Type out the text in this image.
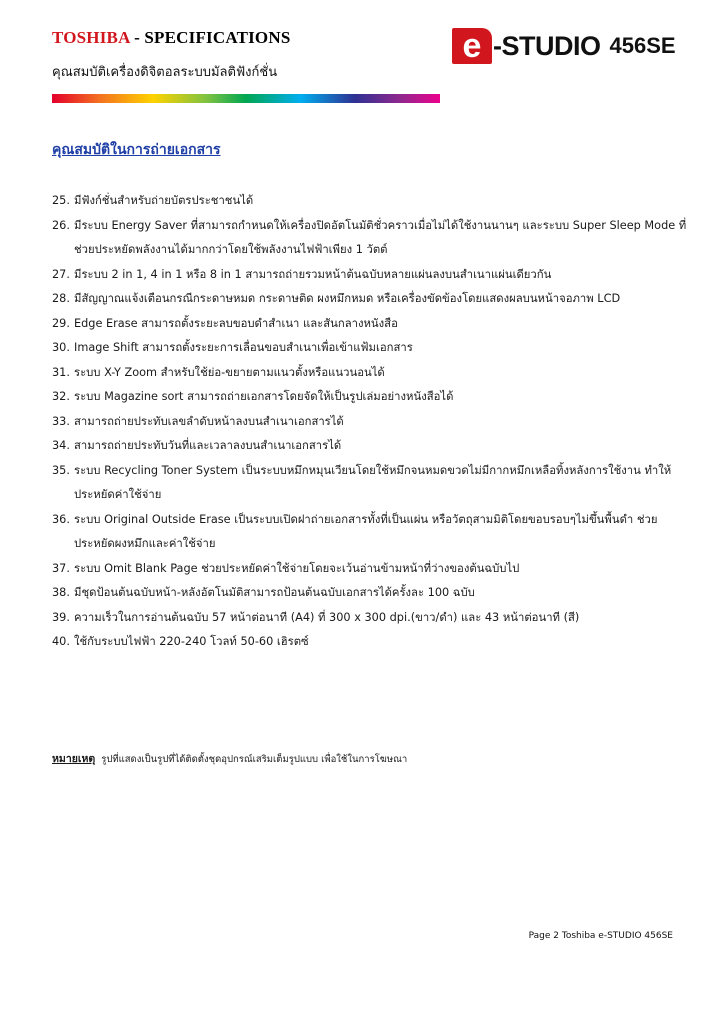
TOSHIBA - SPECIFICATIONS
คุณสมบัติเครื่องดิจิตอลระบบมัลติฟังก์ชั่น
e -STUDIO 456SE
คุณสมบัติในการถ่ายเอกสาร
25. มีฟังก์ชั่นสำหรับถ่ายบัตรประชาชนได้
26. มีระบบ Energy Saver ที่สามารถกำหนดให้เครื่องปิดอัตโนมัติชั่วคราวเมื่อไม่ได้ใช้งานนานๆ และระบบ Super Sleep Mode ที่ช่วยประหยัดพลังงานได้มากกว่าโดยใช้พลังงานไฟฟ้าเพียง 1 วัตต์
27. มีระบบ 2 in 1, 4 in 1 หรือ 8 in 1 สามารถถ่ายรวมหน้าต้นฉบับหลายแผ่นลงบนสำเนาแผ่นเดียวกัน
28. มีสัญญาณแจ้งเตือนกรณีกระดาษหมด กระดาษติด ผงหมึกหมด หรือเครื่องขัดข้องโดยแสดงผลบนหน้าจอภาพ LCD
29. Edge Erase สามารถตั้งระยะลบขอบดำสำเนา และสันกลางหนังสือ
30. Image Shift สามารถตั้งระยะการเลื่อนขอบสำเนาเพื่อเข้าแฟ้มเอกสาร
31. ระบบ X-Y Zoom สำหรับใช้ย่อ-ขยายตามแนวตั้งหรือแนวนอนได้
32. ระบบ Magazine sort สามารถถ่ายเอกสารโดยจัดให้เป็นรูปเล่มอย่างหนังสือได้
33. สามารถถ่ายประทับเลขลำดับหน้าลงบนสำเนาเอกสารได้
34. สามารถถ่ายประทับวันที่และเวลาลงบนสำเนาเอกสารได้
35. ระบบ Recycling Toner System เป็นระบบหมึกหมุนเวียนโดยใช้หมึกจนหมดขวดไม่มีกากหมึกเหลือทิ้งหลังการใช้งาน ทำให้ประหยัดค่าใช้จ่าย
36. ระบบ Original Outside Erase เป็นระบบเปิดฝาถ่ายเอกสารทั้งที่เป็นแผ่น หรือวัตถุสามมิติโดยขอบรอบๆไม่ขึ้นพื้นดำ ช่วยประหยัดผงหมึกและค่าใช้จ่าย
37. ระบบ Omit Blank Page ช่วยประหยัดค่าใช้จ่ายโดยจะเว้นอ่านข้ามหน้าที่ว่างของต้นฉบับไป
38. มีชุดป้อนต้นฉบับหน้า-หลังอัตโนมัติสามารถป้อนต้นฉบับเอกสารได้ครั้งละ 100 ฉบับ
39. ความเร็วในการอ่านต้นฉบับ 57 หน้าต่อนาที (A4) ที่ 300 x 300 dpi.(ขาว/ดำ) และ 43 หน้าต่อนาที (สี)
40. ใช้กับระบบไฟฟ้า 220-240 โวลท์ 50-60 เฮิรตซ์
หมายเหตุ รูปที่แสดงเป็นรูปที่ได้ติดตั้งชุดอุปกรณ์เสริมเต็มรูปแบบ เพื่อใช้ในการโฆษณา
Page 2 Toshiba e-STUDIO 456SE
